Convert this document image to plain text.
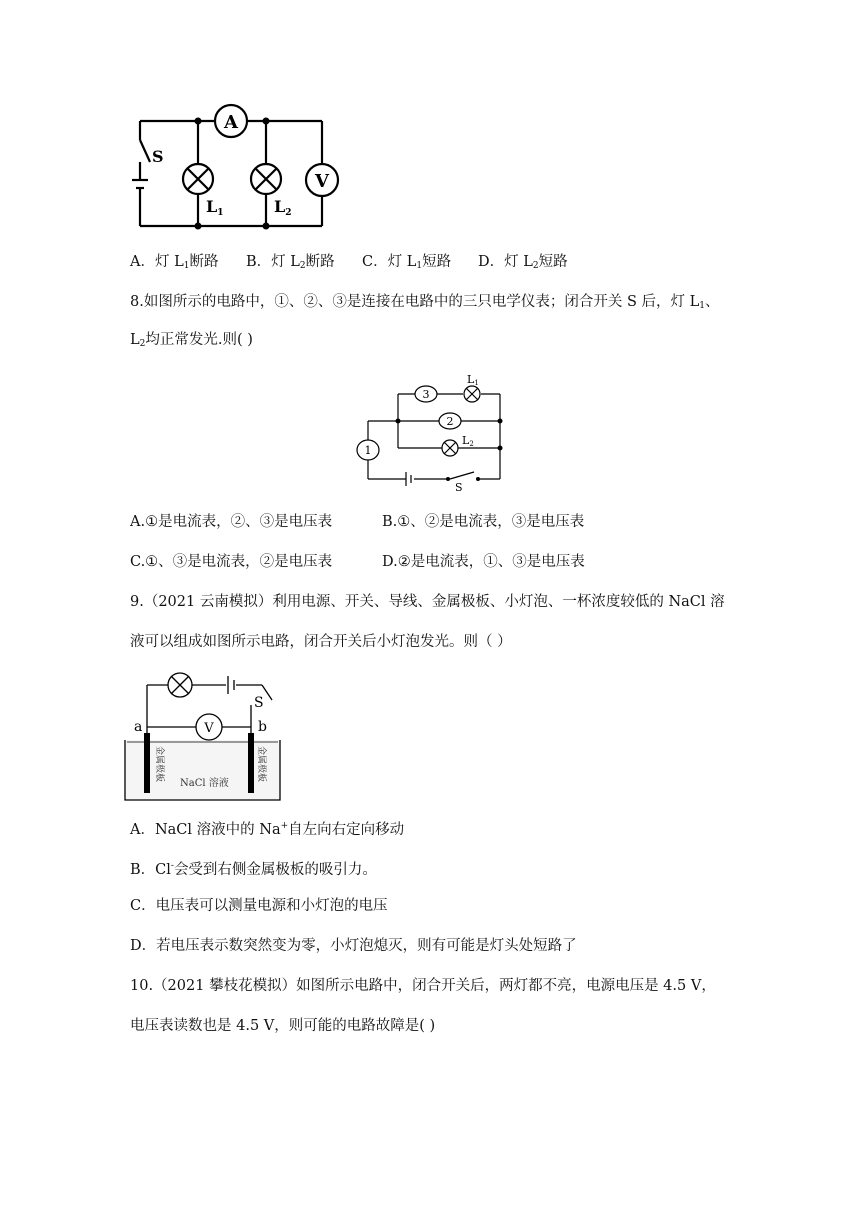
A
V
S
L1	L2
A．灯 $L_1$断路 B．灯 $L_2$断路 C．灯 $L_1$短路 D．灯 $L_2$短路
8.如图所示的电路中，①、②、③是连接在电路中的三只电学仪表；闭合开关 S 后，灯 $L_1$、
$L_2$均正常发光.则( )
3
2
1
L1
L2
S
A.①是电流表，②、③是电压表	B.①、②是电流表，③是电压表
C.①、③是电流表，②是电压表	D.②是电流表，①、③是电压表
9.（2021 云南模拟）利用电源、开关、导线、金属极板、小灯泡、一杯浓度较低的 NaCl 溶
液可以组成如图所示电路，闭合开关后小灯泡发光。则（ ）
a	b
S
V
金属极板	金属极板
NaCl 溶液
A．NaCl 溶液中的 Na+自左向右定向移动
B．Cl-会受到右侧金属极板的吸引力。
C．电压表可以测量电源和小灯泡的电压
D．若电压表示数突然变为零，小灯泡熄灭，则有可能是灯头处短路了
10.（2021 攀枝花模拟）如图所示电路中，闭合开关后，两灯都不亮，电源电压是 4.5 V，
电压表读数也是 4.5 V，则可能的电路故障是( )
